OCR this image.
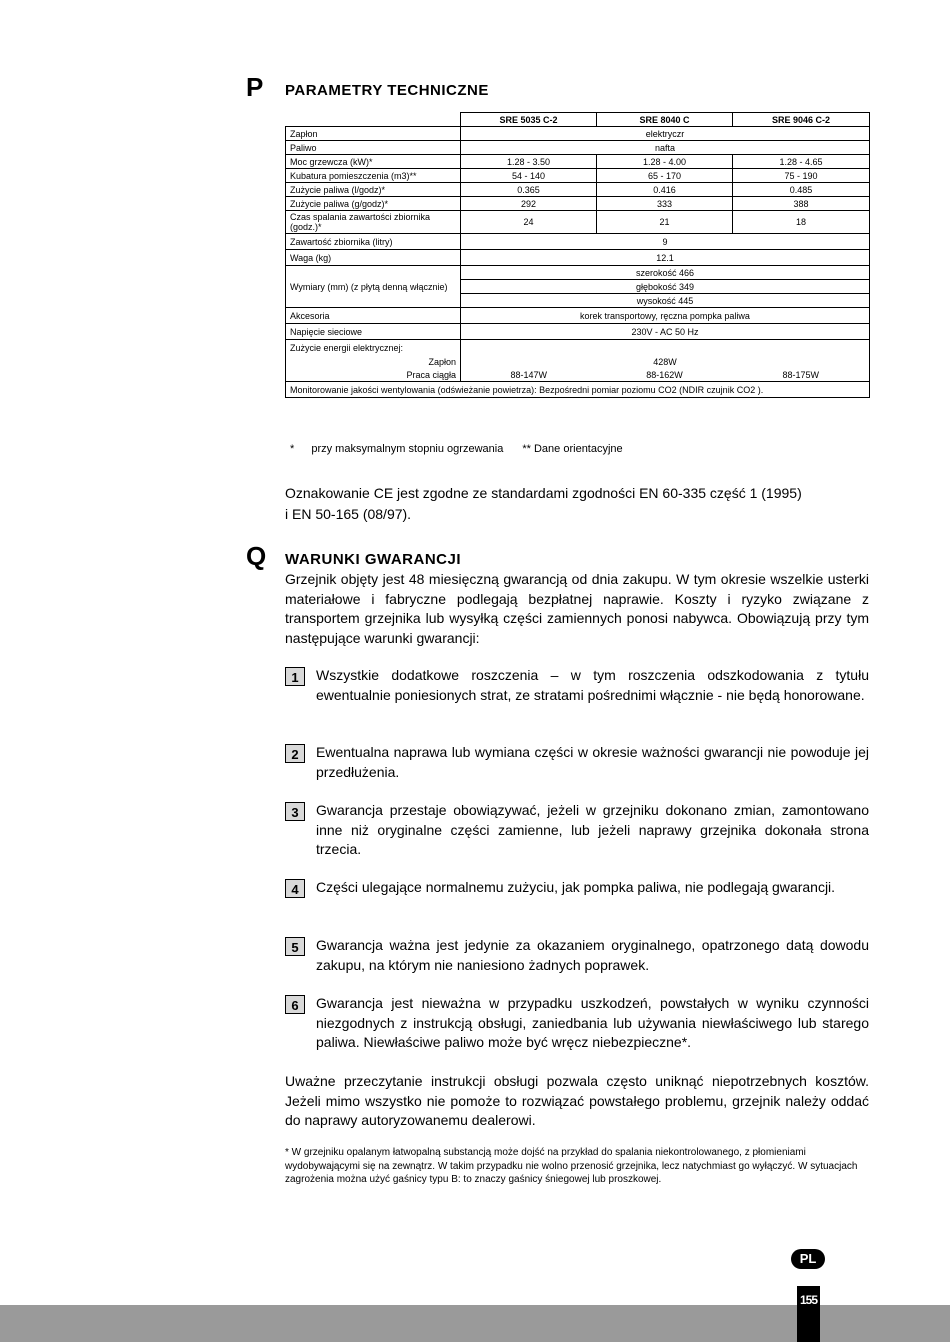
P PARAMETRY TECHNICZNE
	SRE 5035 C-2	SRE 8040 C	SRE 9046 C-2
Zapłon	elektryczr		
Paliwo	nafta		
Moc grzewcza (kW)*	1.28 - 3.50	1.28 - 4.00	1.28 - 4.65
Kubatura pomieszczenia (m3)**	54 - 140	65 - 170	75 - 190
Zużycie paliwa (l/godz)*	0.365	0.416	0.485
Zużycie paliwa (g/godz)*	292	333	388
Czas spalania zawartości zbiornika (godz.)*	24	21	18
Zawartość zbiornika (litry)	9		
Waga (kg)	12.1		
Wymiary (mm) (z płytą denną włącznie)	szerokość 466		
	głębokość 349		
	wysokość 445		
Akcesoria	korek transportowy, ręczna pompka paliwa		
Napięcie sieciowe	230V - AC 50 Hz		
Zużycie energii elektrycznej:			
Zapłon	428W		
Praca ciągła	88-147W	88-162W	88-175W
Monitorowanie jakości wentylowania (odświeżanie powietrza): Bezpośredni pomiar poziomu CO2 (NDIR czujnik CO2 ).			
* przy maksymalnym stopniu ogrzewania ** Dane orientacyjne
Oznakowanie CE jest zgodne ze standardami zgodności EN 60-335 część 1 (1995)
i EN 50-165 (08/97).
Q WARUNKI GWARANCJI
Grzejnik objęty jest 48 miesięczną gwarancją od dnia zakupu. W tym okresie wszelkie usterki materiałowe i fabryczne podlegają bezpłatnej naprawie. Koszty i ryzyko związane z transportem grzejnika lub wysyłką części zamiennych ponosi nabywca. Obowiązują przy tym następujące warunki gwarancji:
1	Wszystkie dodatkowe roszczenia – w tym roszczenia odszkodowania z tytułu ewentualnie poniesionych strat, ze stratami pośrednimi włącznie - nie będą honorowane.
2	Ewentualna naprawa lub wymiana części w okresie ważności gwarancji nie powoduje jej przedłużenia.
3	Gwarancja przestaje obowiązywać, jeżeli w grzejniku dokonano zmian, zamontowano inne niż oryginalne części zamienne, lub jeżeli naprawy grzejnika dokonała strona trzecia.
4	Części ulegające normalnemu zużyciu, jak pompka paliwa, nie podlegają gwarancji.
5	Gwarancja ważna jest jedynie za okazaniem oryginalnego, opatrzonego datą dowodu zakupu, na którym nie naniesiono żadnych poprawek.
6	Gwarancja jest nieważna w przypadku uszkodzeń, powstałych w wyniku czynności niezgodnych z instrukcją obsługi, zaniedbania lub używania niewłaściwego lub starego paliwa. Niewłaściwe paliwo może być wręcz niebezpieczne*.
Uważne przeczytanie instrukcji obsługi pozwala często uniknąć niepotrzebnych kosztów. Jeżeli mimo wszystko nie pomoże to rozwiązać powstałego problemu, grzejnik należy oddać do naprawy autoryzowanemu dealerowi.
* W grzejniku opalanym łatwopalną substancją może dojść na przykład do spalania niekontrolowanego, z płomieniami wydobywającymi się na zewnątrz. W takim przypadku nie wolno przenosić grzejnika, lecz natychmiast go wyłączyć. W sytuacjach zagrożenia można użyć gaśnicy typu B: to znaczy gaśnicy śniegowej lub proszkowej.
PL
155
